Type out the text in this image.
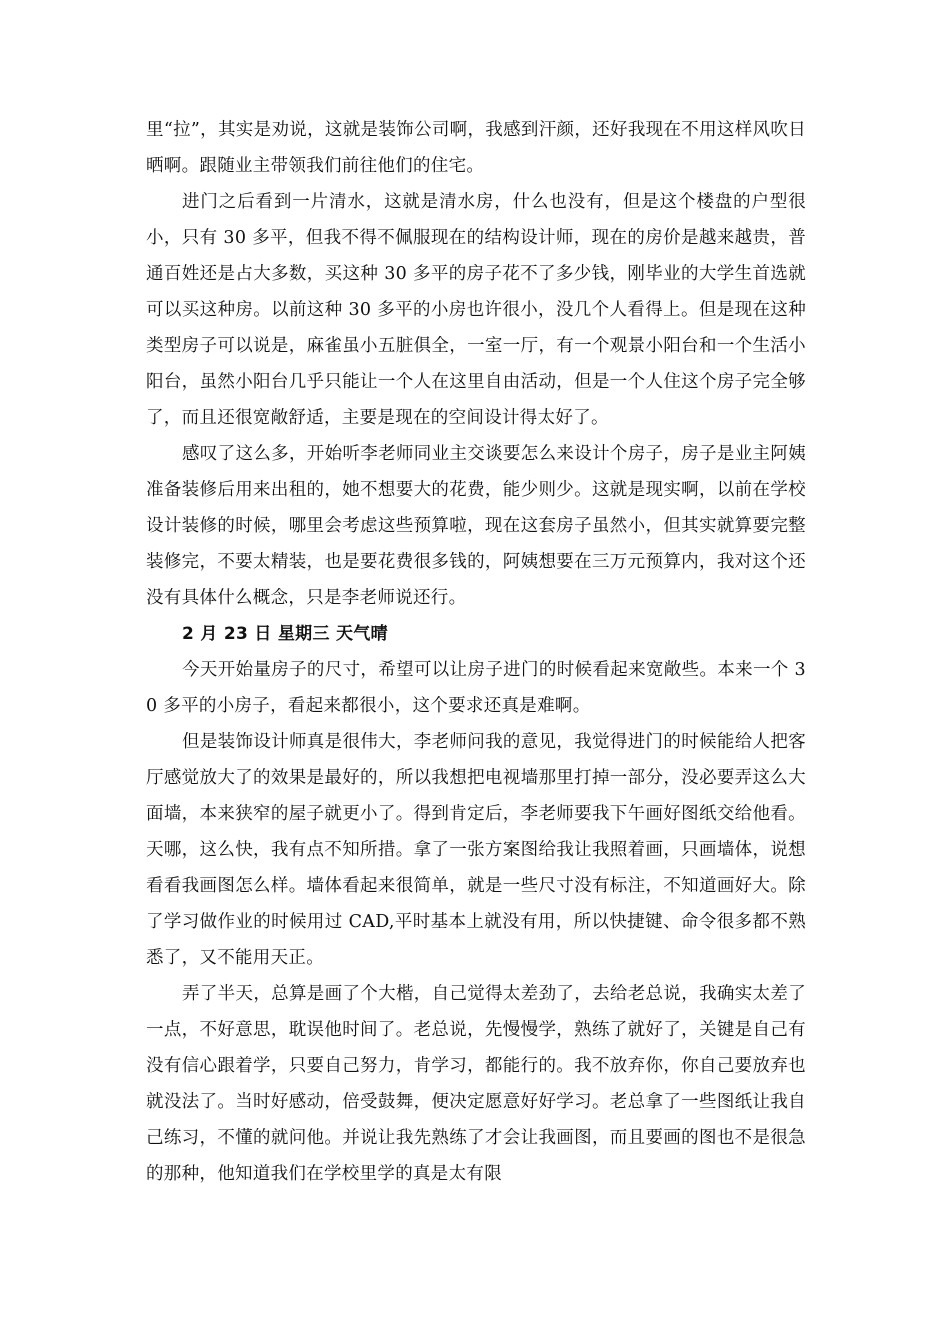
里“拉”，其实是劝说，这就是装饰公司啊，我感到汗颜，还好我现在不用这样风吹日晒啊。跟随业主带领我们前往他们的住宅。

进门之后看到一片清水，这就是清水房，什么也没有，但是这个楼盘的户型很小，只有 30 多平，但我不得不佩服现在的结构设计师，现在的房价是越来越贵，普通百姓还是占大多数，买这种 30 多平的房子花不了多少钱，刚毕业的大学生首选就可以买这种房。以前这种 30 多平的小房也许很小，没几个人看得上。但是现在这种类型房子可以说是，麻雀虽小五脏俱全，一室一厅，有一个观景小阳台和一个生活小阳台，虽然小阳台几乎只能让一个人在这里自由活动，但是一个人住这个房子完全够了，而且还很宽敞舒适，主要是现在的空间设计得太好了。

感叹了这么多，开始听李老师同业主交谈要怎么来设计个房子，房子是业主阿姨准备装修后用来出租的，她不想要大的花费，能少则少。这就是现实啊，以前在学校设计装修的时候，哪里会考虑这些预算啦，现在这套房子虽然小，但其实就算要完整装修完，不要太精装，也是要花费很多钱的，阿姨想要在三万元预算内，我对这个还没有具体什么概念，只是李老师说还行。

2 月 23 日 星期三 天气晴

今天开始量房子的尺寸，希望可以让房子进门的时候看起来宽敞些。本来一个 30 多平的小房子，看起来都很小，这个要求还真是难啊。

但是装饰设计师真是很伟大，李老师问我的意见，我觉得进门的时候能给人把客厅感觉放大了的效果是最好的，所以我想把电视墙那里打掉一部分，没必要弄这么大面墙，本来狭窄的屋子就更小了。得到肯定后，李老师要我下午画好图纸交给他看。天哪，这么快，我有点不知所措。拿了一张方案图给我让我照着画，只画墙体，说想看看我画图怎么样。墙体看起来很简单，就是一些尺寸没有标注，不知道画好大。除了学习做作业的时候用过 CAD,平时基本上就没有用，所以快捷键、命令很多都不熟悉了，又不能用天正。

弄了半天，总算是画了个大楷，自己觉得太差劲了，去给老总说，我确实太差了一点，不好意思，耽误他时间了。老总说，先慢慢学，熟练了就好了，关键是自己有没有信心跟着学，只要自己努力，肯学习，都能行的。我不放弃你，你自己要放弃也就没法了。当时好感动，倍受鼓舞，便决定愿意好好学习。老总拿了一些图纸让我自己练习，不懂的就问他。并说让我先熟练了才会让我画图，而且要画的图也不是很急的那种，他知道我们在学校里学的真是太有限
